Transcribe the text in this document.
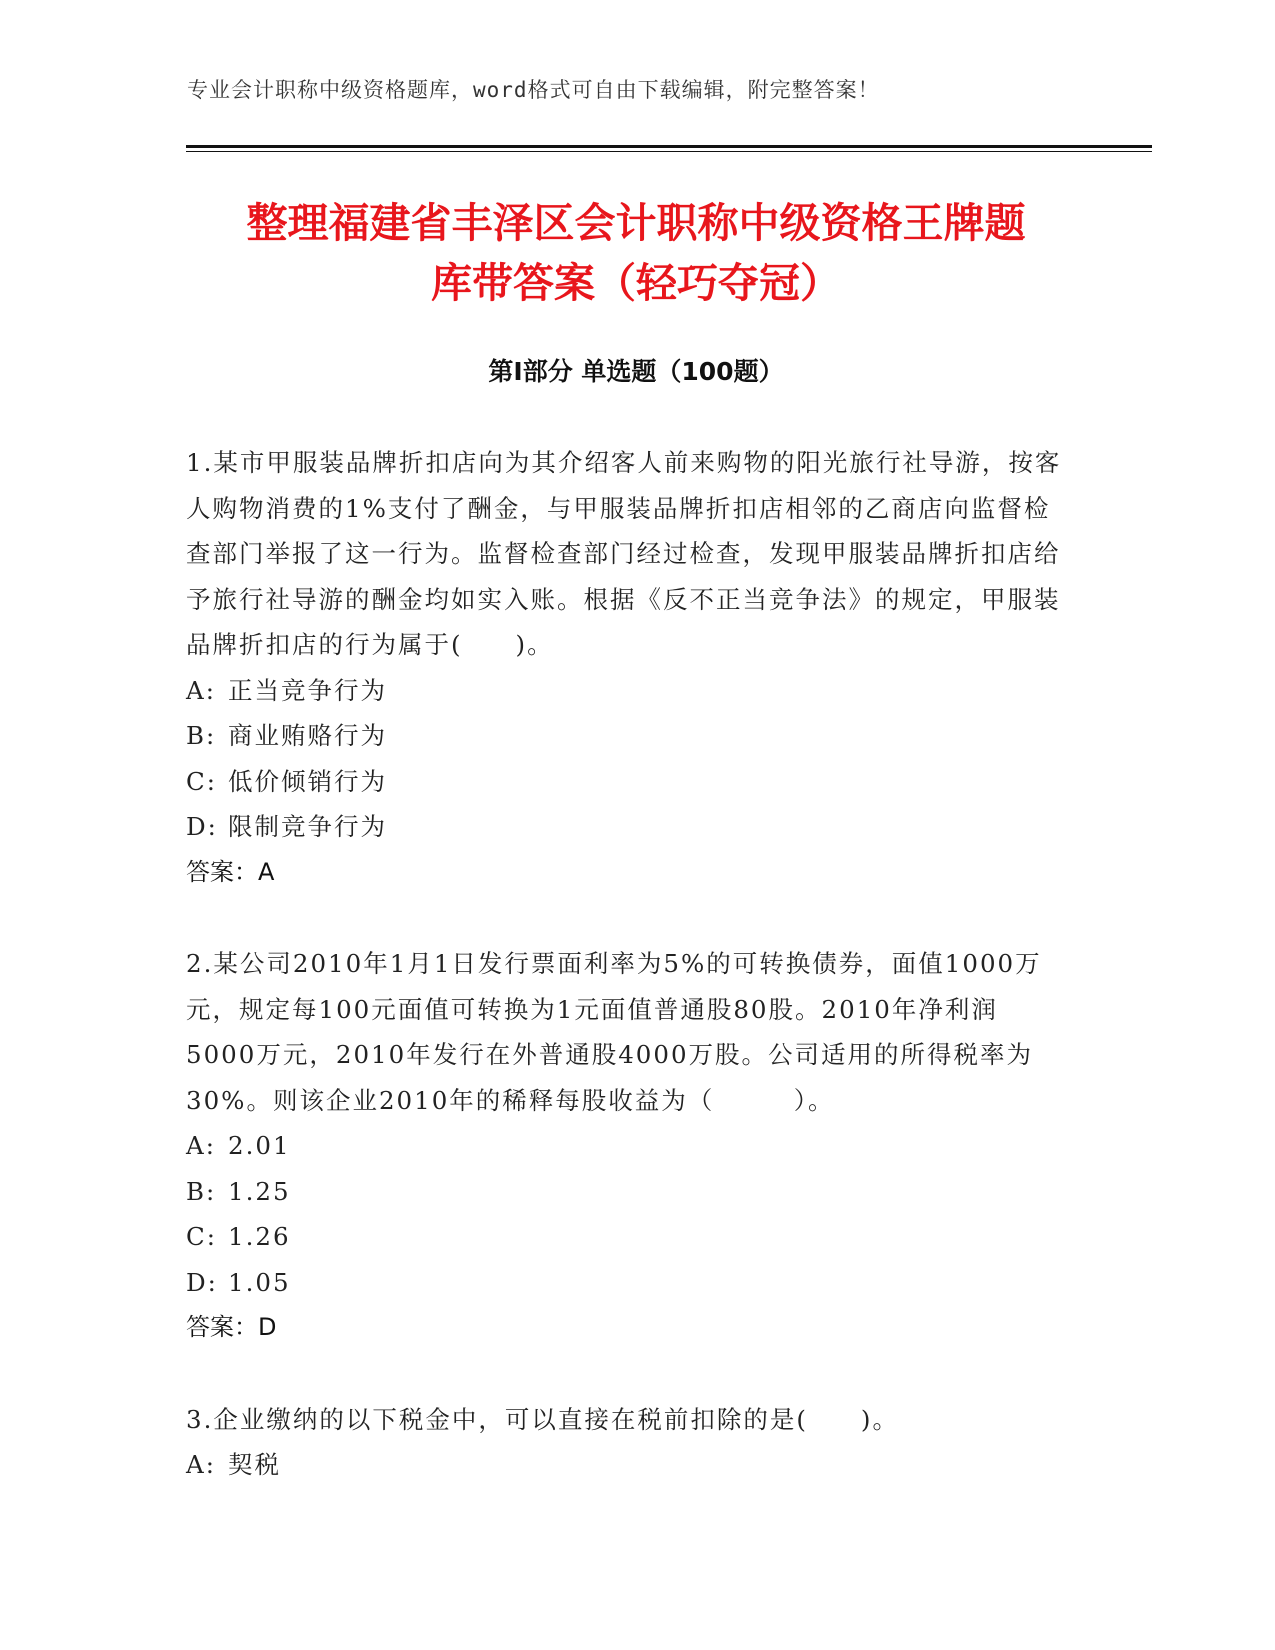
专业会计职称中级资格题库，word格式可自由下载编辑，附完整答案！
整理福建省丰泽区会计职称中级资格王牌题
库带答案（轻巧夺冠）
第Ⅰ部分 单选题（100题）
1.某市甲服装品牌折扣店向为其介绍客人前来购物的阳光旅行社导游，按客人购物消费的1%支付了酬金，与甲服装品牌折扣店相邻的乙商店向监督检查部门举报了这一行为。监督检查部门经过检查，发现甲服装品牌折扣店给予旅行社导游的酬金均如实入账。根据《反不正当竞争法》的规定，甲服装品牌折扣店的行为属于(　　)。
A: 正当竞争行为
B: 商业贿赂行为
C: 低价倾销行为
D: 限制竞争行为
答案：A
2.某公司2010年1月1日发行票面利率为5%的可转换债券，面值1000万元，规定每100元面值可转换为1元面值普通股80股。2010年净利润5000万元，2010年发行在外普通股4000万股。公司适用的所得税率为30%。则该企业2010年的稀释每股收益为（　　　）。
A: 2.01
B: 1.25
C: 1.26
D: 1.05
答案：D
3.企业缴纳的以下税金中，可以直接在税前扣除的是(　　)。
A: 契税
